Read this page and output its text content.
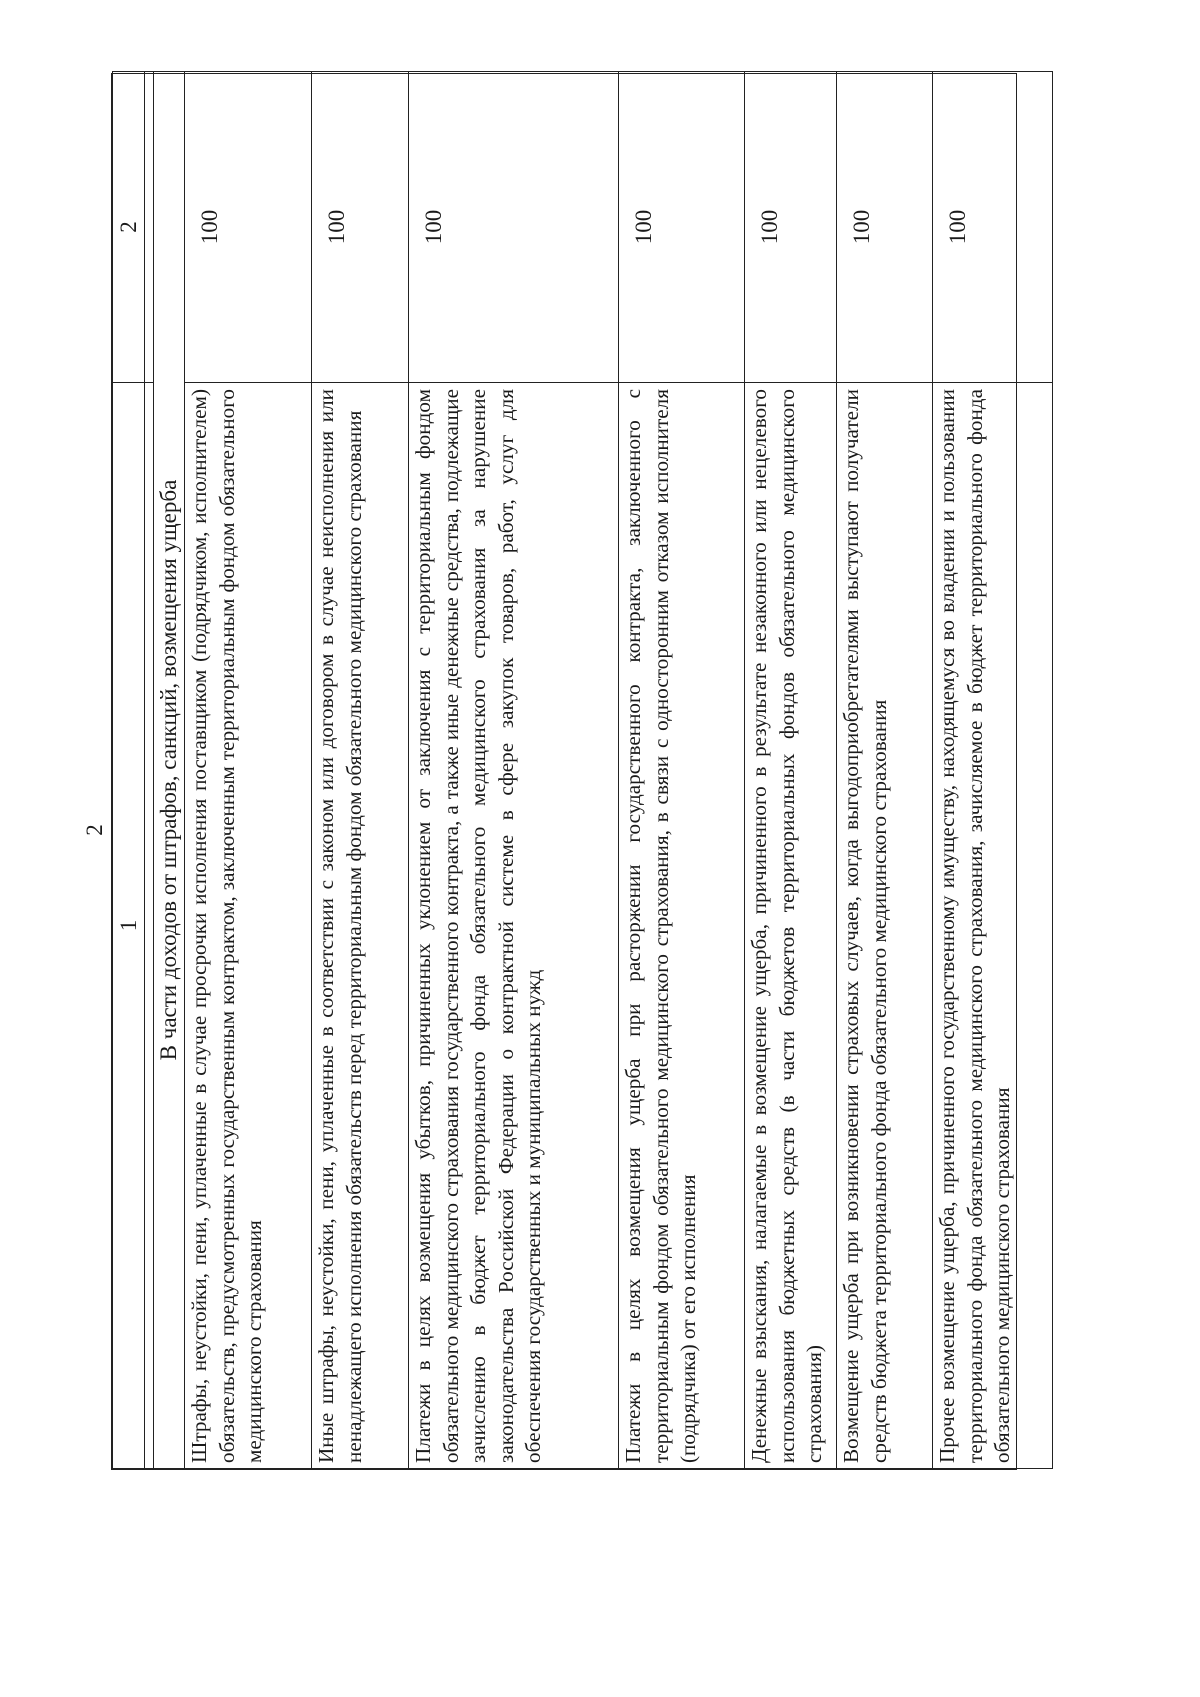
2
1	2

В части доходов от штрафов, санкций, возмещения ущерба	
Штрафы, неустойки, пени, уплаченные в случае просрочки исполнения поставщиком (подрядчиком, исполнителем) обязательств, предусмотренных государственным контрактом, заключенным территориальным фондом обязательного медицинского страхования	100
Иные штрафы, неустойки, пени, уплаченные в соответствии с законом или договором в случае неисполнения или ненадлежащего исполнения обязательств перед территориальным фондом обязательного медицинского страхования	100
Платежи в целях возмещения убытков, причиненных уклонением от заключения с территориальным фондом обязательного медицинского страхования государственного контракта, а также иные денежные средства, подлежащие зачислению в бюджет территориального фонда обязательного медицинского страхования за нарушение законодательства Российской Федерации о контрактной системе в сфере закупок товаров, работ, услуг для обеспечения государственных и муниципальных нужд	100
Платежи в целях возмещения ущерба при расторжении государственного контракта, заключенного с территориальным фондом обязательного медицинского страхования, в связи с односторонним отказом исполнителя (подрядчика) от его исполнения	100
Денежные взыскания, налагаемые в возмещение ущерба, причиненного в результате незаконного или нецелевого использования бюджетных средств (в части бюджетов территориальных фондов обязательного медицинского страхования)	100
Возмещение ущерба при возникновении страховых случаев, когда выгодоприобретателями выступают получатели средств бюджета территориального фонда обязательного медицинского страхования	100
Прочее возмещение ущерба, причиненного государственному имуществу, находящемуся во владении и пользовании территориального фонда обязательного медицинского страхования, зачисляемое в бюджет территориального фонда обязательного медицинского страхования	100
